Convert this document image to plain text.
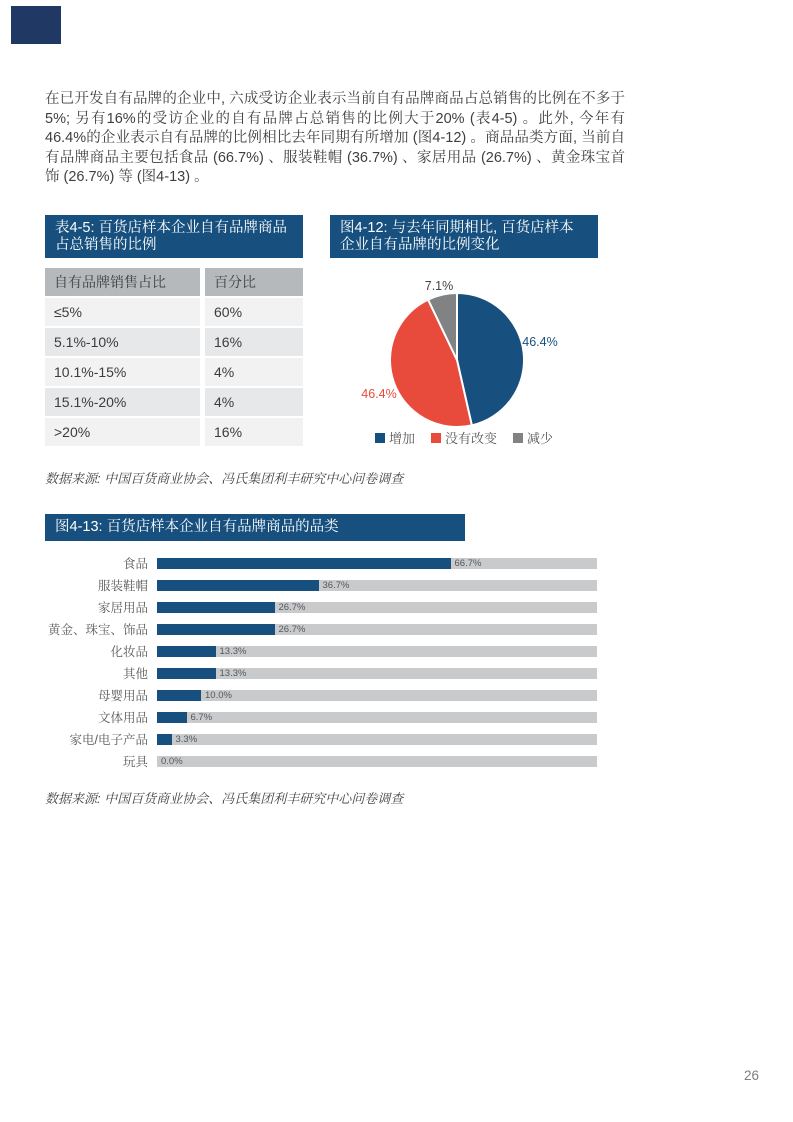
在已开发自有品牌的企业中, 六成受访企业表示当前自有品牌商品占总销售的比例在不多于5%; 另有16%的受访企业的自有品牌占总销售的比例大于20% (表4-5) 。此外, 今年有46.4%的企业表示自有品牌的比例相比去年同期有所增加 (图4-12) 。商品品类方面, 当前自有品牌商品主要包括食品 (66.7%) 、服装鞋帽 (36.7%) 、家居用品 (26.7%) 、黄金珠宝首饰 (26.7%) 等 (图4-13) 。

表4-5: 百货店样本企业自有品牌商品占总销售的比例
自有品牌销售占比	百分比
≤5%	60%
5.1%-10%	16%
10.1%-15%	4%
15.1%-20%	4%
>20%	16%
图4-12: 与去年同期相比, 百货店样本企业自有品牌的比例变化
7.1%
46.4%
46.4%
增加 没有改变 减少

数据来源: 中国百货商业协会、冯氏集团利丰研究中心问卷调查

图4-13: 百货店样本企业自有品牌商品的品类
食品	66.7%
服装鞋帽	36.7%
家居用品	26.7%
黄金、珠宝、饰品	26.7%
化妆品	13.3%
其他	13.3%
母婴用品	10.0%
文体用品	6.7%
家电/电子产品	3.3%
玩具 0.0%

数据来源: 中国百货商业协会、冯氏集团利丰研究中心问卷调查

26
